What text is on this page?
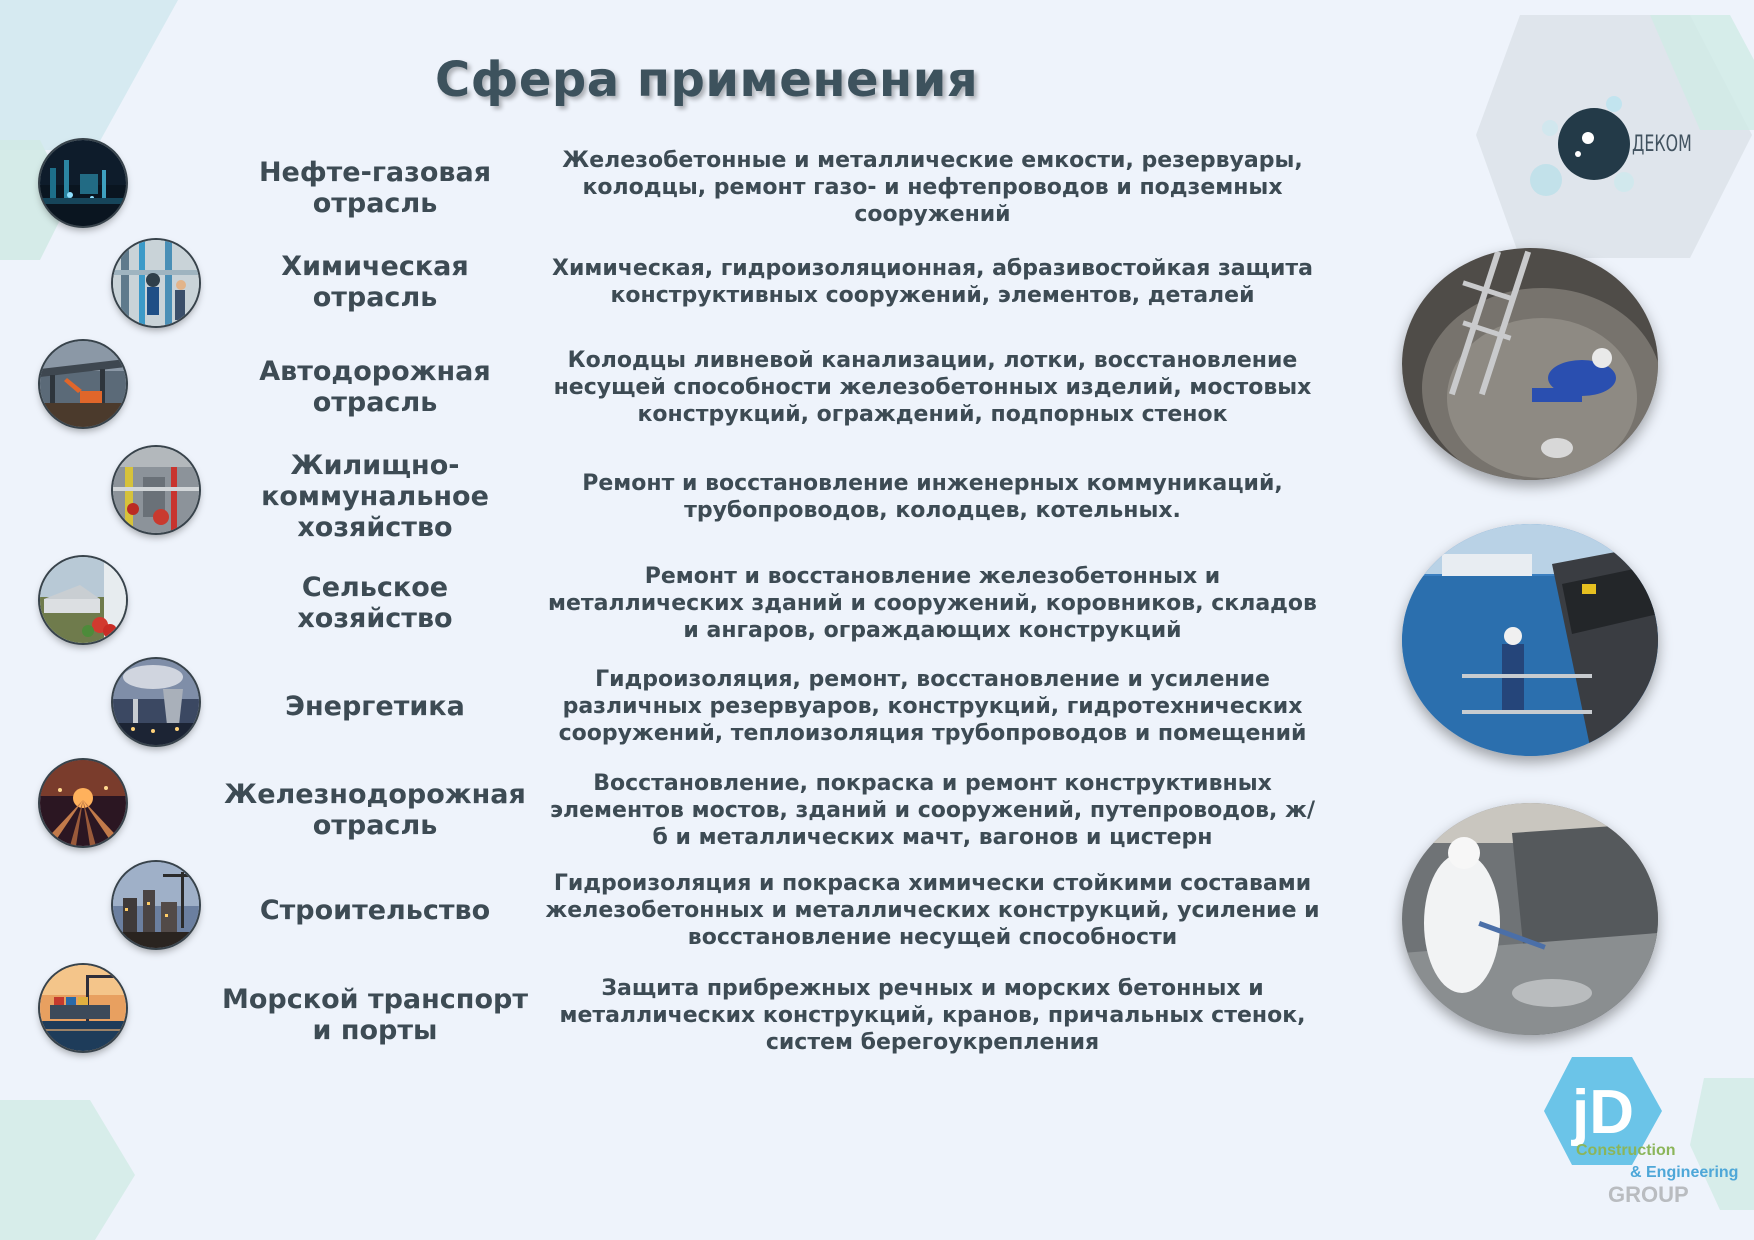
Сфера применения
Нефте-газовая отрасль
Железобетонные и металлические емкости, резервуары, колодцы, ремонт газо- и нефтепроводов и подземных сооружений
Химическая отрасль
Химическая, гидроизоляционная, абразивостойкая защита конструктивных сооружений, элементов, деталей
Автодорожная отрасль
Колодцы ливневой канализации, лотки, восстановление несущей способности железобетонных изделий, мостовых конструкций, ограждений, подпорных стенок
Жилищно-коммунальное хозяйство
Ремонт и восстановление инженерных коммуникаций, трубопроводов, колодцев, котельных.
Сельское хозяйство
Ремонт и восстановление железобетонных и металлических зданий и сооружений, коровников, складов и ангаров, ограждающих конструкций
Энергетика
Гидроизоляция, ремонт, восстановление и усиление различных резервуаров, конструкций, гидротехнических сооружений, теплоизоляция трубопроводов и помещений
Железнодорожная отрасль
Восстановление, покраска и ремонт конструктивных элементов мостов, зданий и сооружений, путепроводов, ж/б и металлических мачт, вагонов и цистерн
Строительство
Гидроизоляция и покраска химически стойкими составами железобетонных и металлических конструкций, усиление и восстановление несущей способности
Морской транспорт и порты
Защита прибрежных речных и морских бетонных и металлических конструкций, кранов, причальных стенок, систем берегоукрепления
ДЕКОМ
jD
Construction
& Engineering
GROUP
